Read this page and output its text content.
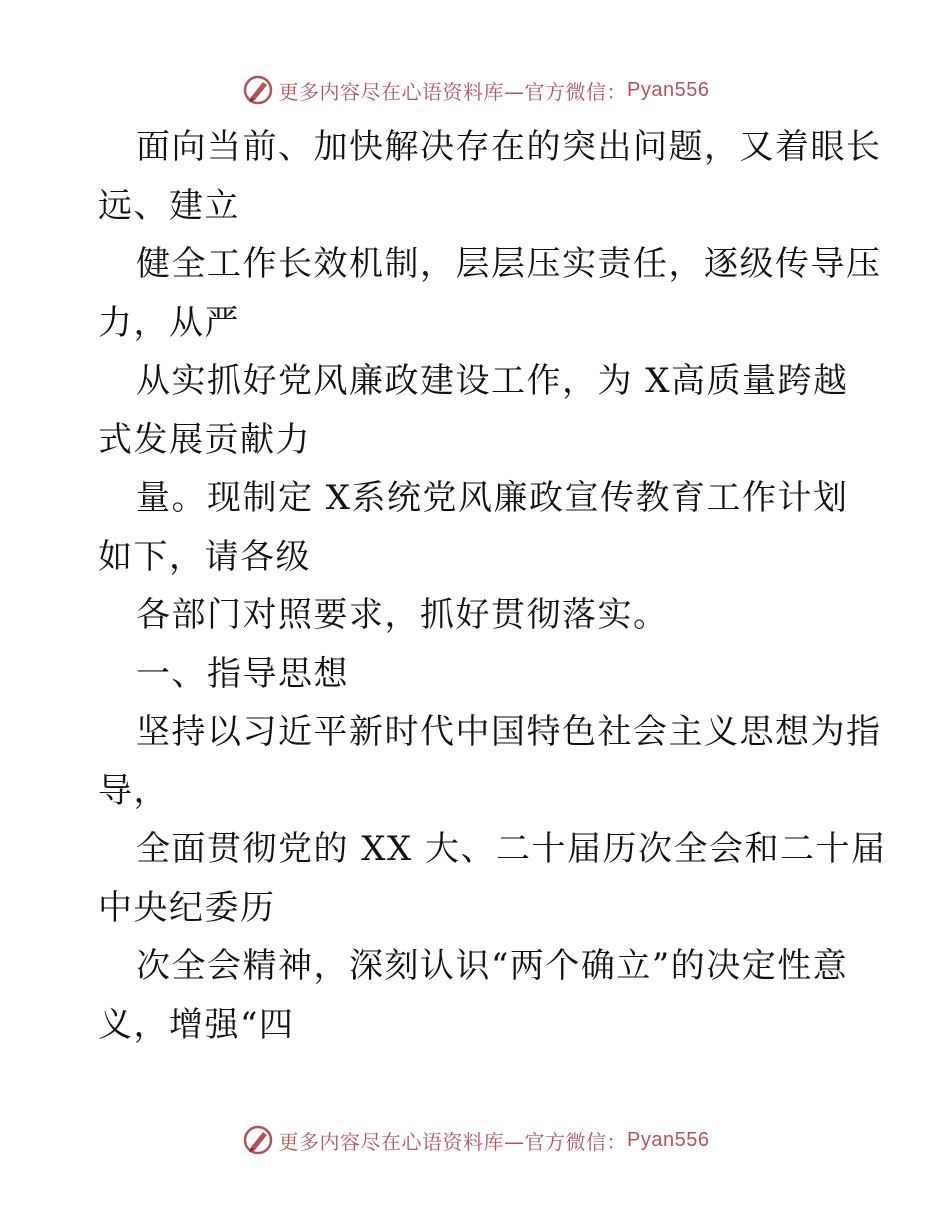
更多内容尽在心语资料库—官方微信： Pyan556
面向当前、加快解决存在的突出问题，又着眼长
远、建立
健全工作长效机制，层层压实责任，逐级传导压
力，从严
从实抓好党风廉政建设工作，为 X高质量跨越
式发展贡献力
量。现制定 X系统党风廉政宣传教育工作计划
如下，请各级
各部门对照要求，抓好贯彻落实。
一、指导思想
坚持以习近平新时代中国特色社会主义思想为指
导，
全面贯彻党的 XX 大、二十届历次全会和二十届
中央纪委历
次全会精神，深刻认识“两个确立”的决定性意
义，增强“四
更多内容尽在心语资料库—官方微信： Pyan556
